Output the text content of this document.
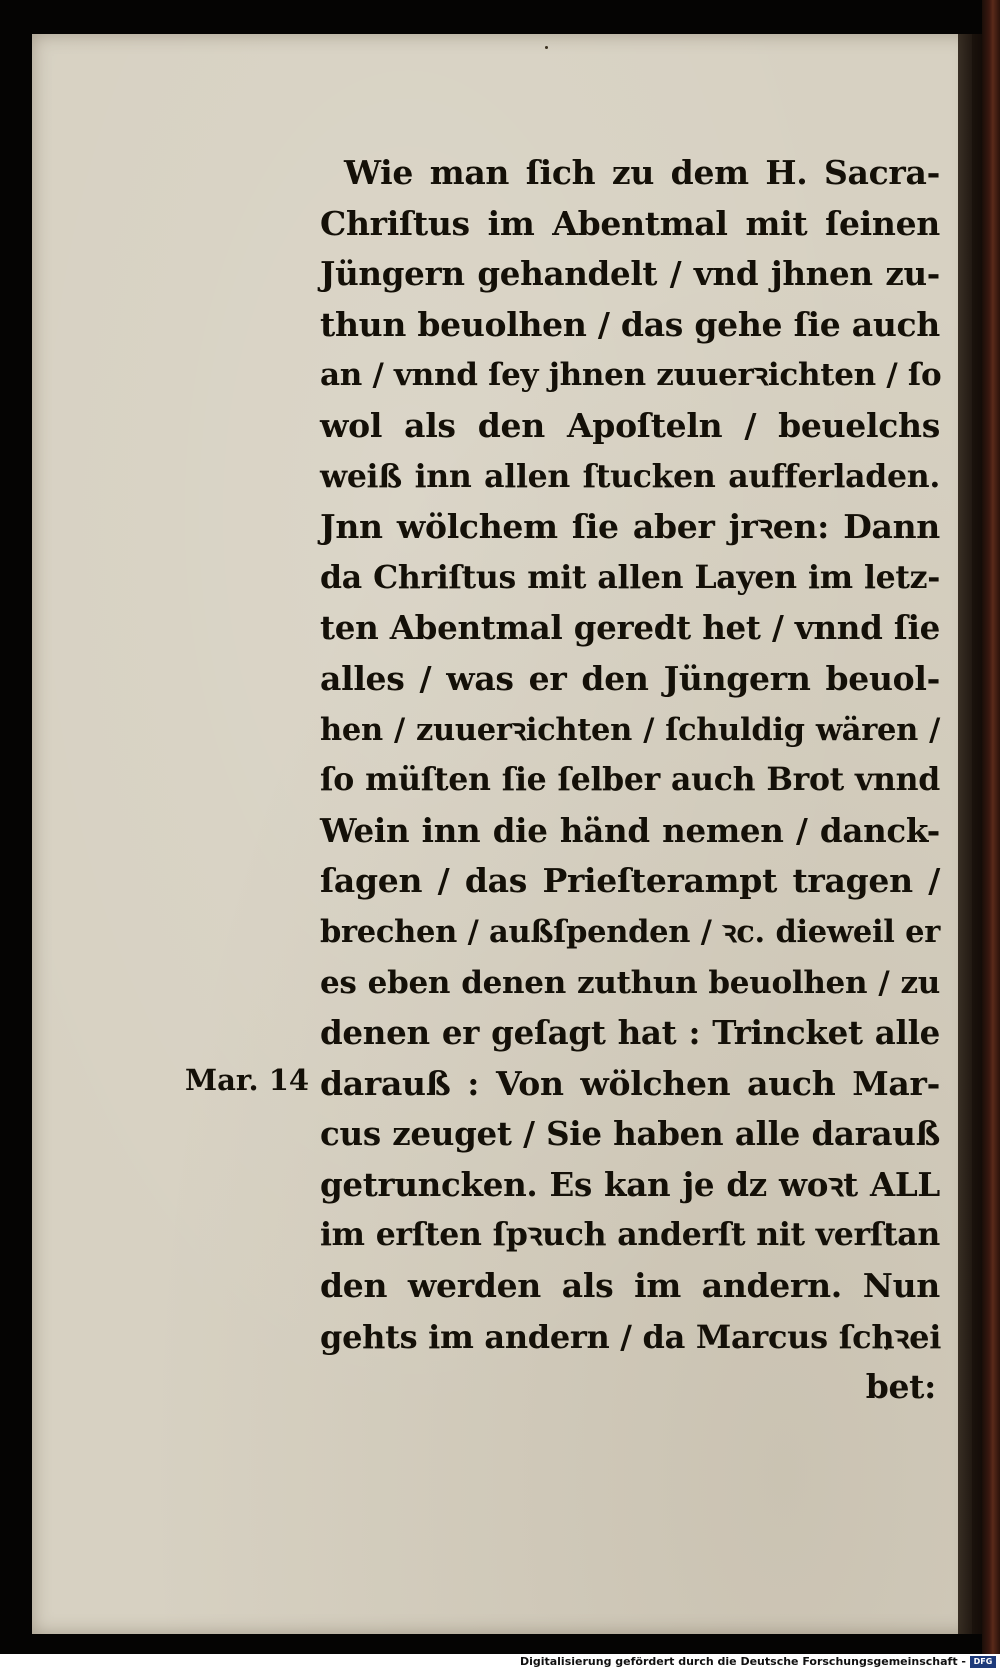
Wie man ſich zu dem H. Sacra-
Chriſtus im Abentmal mit ſeinen
Jüngern gehandelt / vnd jhnen zu-
thun beuolhen / das gehe ſie auch
an / vnnd ſey jhnen zuuerꝛichten / ſo
wol als den Apoſteln / beuelchs
weiß inn allen ſtucken aufferladen.
Jnn wölchem ſie aber jrꝛen: Dann
da Chriſtus mit allen Layen im letz-
ten Abentmal geredt het / vnnd ſie
alles / was er den Jüngern beuol-
hen / zuuerꝛichten / ſchuldig wären /
ſo müſten ſie ſelber auch Brot vnnd
Wein inn die händ nemen / danck-
ſagen / das Prieſterampt tragen /
brechen / außſpenden / ꝛc. dieweil er
es eben denen zuthun beuolhen / zu
denen er geſagt hat : Trincket alle
darauß : Von wölchen auch Mar-
cus zeuget / Sie haben alle darauß
getruncken. Es kan je dz woꝛt ALL
im erſten ſpꝛuch anderſt nit verſtan
den werden als im andern. Nun
gehts im andern / da Marcus ſchꝛei
bet:
Mar. 14
Digitalisierung gefördert durch die Deutsche Forschungsgemeinschaft - DFG
